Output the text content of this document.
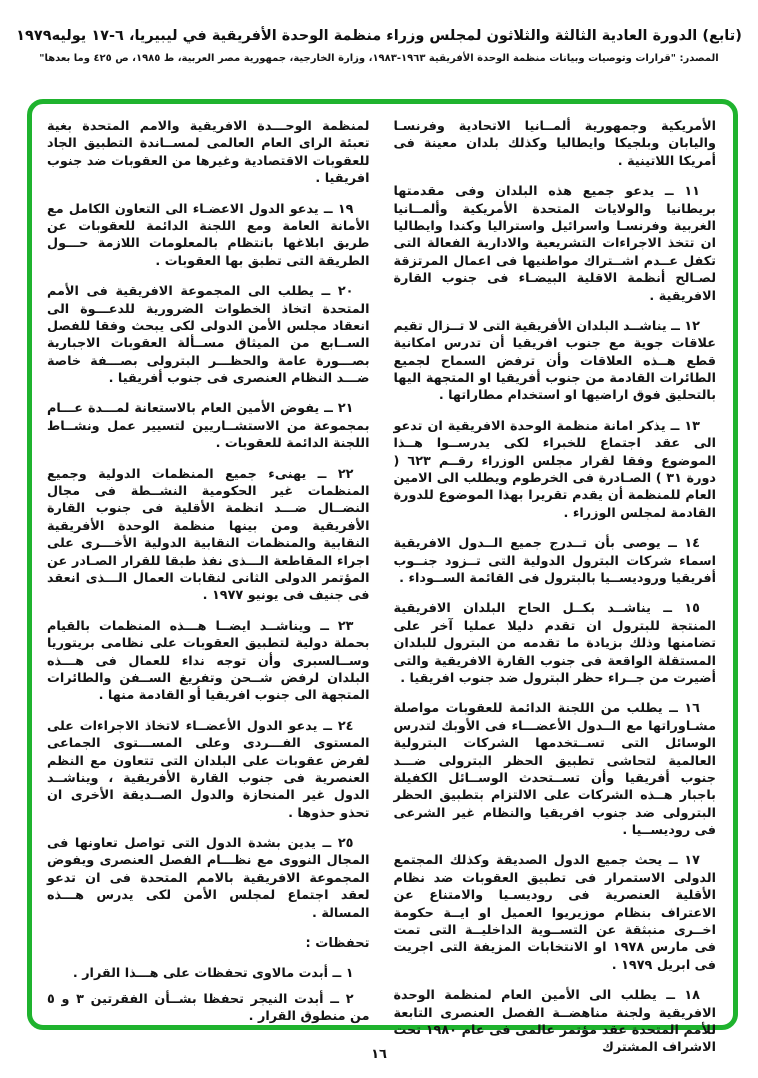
(تابع) الدورة العادية الثالثة والثلاثون لمجلس وزراء منظمة الوحدة الأفريقية في ليبيريا، ٦-١٧ يوليه١٩٧٩
المصدر: "قرارات وتوصيات وبيانات منظمة الوحدة الأفريقية ١٩٦٣-١٩٨٣، وزارة الخارجية، جمهورية مصر العربية، ط ١٩٨٥، ص ٤٢٥ وما بعدها"

الأمريكية وجمهورية ألمــانيا الاتحادية وفرنسـا واليابان وبلجيكا وايطاليا وكذلك بلدان معينة فى أمريكا اللاتينية .

١١ ــ يدعو جميع هذه البلدان وفى مقدمتها بريطانيا والولايات المتحدة الأمريكية وألمــانيا الغربية وفرنسـا واسرائيل واستراليا وكندا وايطاليا ان تتخذ الاجراءات التشريعية والادارية الفعالة التى تكفل عــدم اشــتراك مواطنيها فى اعمال المرتزقة لصـالح أنظمة الاقلية البيضـاء فى جنوب القارة الافريقية .

١٢ ــ يناشــد البلدان الأفريقية التى لا تــزال تقيم علاقات جوية مع جنوب افريقيا أن تدرس امكانية قطع هــذه العلاقات وأن ترفض السماح لجميع الطائرات القادمة من جنوب أفريقيا او المتجهة اليها بالتحليق فوق اراضيها او استخدام مطاراتها .

١٣ ــ يذكر امانة منظمة الوحدة الافريقية ان تدعو الى عقد اجتماع للخبراء لكى يدرســوا هــذا الموضوع وفقا لقرار مجلس الوزراء رقــم ٦٢٣ ( دورة ٣١ ) الصـادرة فى الخرطوم ويطلب الى الامين العام للمنظمة أن يقدم تقريرا بهذا الموضوع للدورة القادمة لمجلس الوزراء .

١٤ ــ يوصى بأن تــدرج جميع الــدول الافريقية اسماء شركات البترول الدولية التى تــزود جنــوب أفريقيا وروديســيا بالبترول فى القائمة الســوداء .

١٥ ــ يناشــد بكــل الحاح البلدان الافريقية المنتجة للبترول ان تقدم دليلا عمليا آخر على تضامنها وذلك بزيادة ما تقدمه من البترول للبلدان المستقلة الواقعة فى جنوب القارة الافريقية والتى أضيرت من جــراء حظر البترول ضد جنوب افريقيا .

١٦ ــ يطلب من اللجنة الدائمة للعقوبات مواصلة مشـاوراتها مع الــدول الأعضـــاء فى الأوبك لتدرس الوسائل التى تســتخدمها الشركات البترولية العالمية لتحاشى تطبيق الحظر البترولى ضـــد جنوب أفريقيا وأن تســتحدث الوســائل الكفيلة باجبار هــذه الشركات على الالتزام بتطبيق الحظر البترولى ضد جنوب افريقيا والنظام غير الشرعى فى روديســيا .

١٧ ــ يحث جميع الدول الصديقة وكذلك المجتمع الدولى الاستمرار فى تطبيق العقوبات ضد نظام الأقلية العنصرية فى روديسـيا والامتناع عن الاعتراف بنظام موزيريوا العميل او ايــة حكومة اخــرى منبثقة عن التســوية الداخليــة التى تمت فى مارس ١٩٧٨ او الانتخابات المزيفة التى اجريت فى ابريل ١٩٧٩ .

١٨ ــ يطلب الى الأمين العام لمنظمة الوحدة الافريقية ولجنة مناهضــة الفصل العنصرى التابعة للأمم المتحدة عقد مؤتمر عالمى فى عام ١٩٨٠ تحت الاشراف المشترك

لمنظمة الوحـــدة الافريقية والامم المتحدة بغية تعبئة الراى العام العالمى لمســاندة التطبيق الجاد للعقوبات الاقتصادية وغيرها من العقوبات ضد جنوب افريقيا .

١٩ ــ يدعو الدول الاعضـاء الى التعاون الكامل مع الأمانة العامة ومع اللجنة الدائمة للعقوبات عن طريق ابلاغها بانتظام بالمعلومات اللازمة حـــول الطريقة التى تطبق بها العقوبات .

٢٠ ــ يطلب الى المجموعة الافريقية فى الأمم المتحدة اتخاذ الخطوات الضرورية للدعـــوة الى انعقاد مجلس الأمن الدولى لكى يبحث وفقا للفصل الســابع من الميثاق مســألة العقوبات الاجبارية بصـــورة عامة والحظـــر البترولى بصـــفة خاصة ضـــد النظام العنصرى فى جنوب أفريقيا .

٢١ ــ يفوض الأمين العام بالاستعانة لمـــدة عـــام بمجموعة من الاستشــاريين لتسيير عمل ونشــاط اللجنة الدائمة للعقوبات .

٢٢ ــ يهنىء جميع المنظمات الدولية وجميع المنظمات غير الحكومية النشــطة فى مجال النضــال ضـــد انظمة الأقلية فى جنوب القارة الأفريقية ومن بينها منظمة الوحدة الأفريقية النقابية والمنظمات النقابية الدولية الأخـــرى على اجراء المقاطعة الـــذى نفذ طبقا للقرار الصـادر عن المؤتمر الدولى الثانى لنقابات العمال الـــذى انعقد فى جنيف فى يونيو ١٩٧٧ .

٢٣ ــ ويناشــد ايضــا هـــذه المنظمات بالقيام بحملة دولية لتطبيق العقوبات على نظامى بريتوريا وســالسبرى وأن توجه نداء للعمال فى هـــذه البلدان لرفض شــحن وتفريغ الســفن والطائرات المتجهة الى جنوب افريقيا أو القادمة منها .

٢٤ ــ يدعو الدول الأعضــاء لاتخاذ الاجراءات على المستوى الفـــردى وعلى المســـتوى الجماعى لفرض عقوبات على البلدان التى تتعاون مع النظم العنصرية فى جنوب القارة الأفريقية ، ويناشــد الدول غير المنحازة والدول الصــديقة الأخرى ان تحذو حذوها .

٢٥ ــ يدين بشدة الدول التى تواصل تعاونها فى المجال النووى مع نظـــام الفصل العنصرى ويفوض المجموعة الافريقية بالامم المتحدة فى ان تدعو لعقد اجتماع لمجلس الأمن لكى يدرس هـــذه المسالة .

تحفظات :

١ ــ أبدت مالاوى تحفظات على هـــذا القرار .

٢ ــ أبدت النيجر تحفظا بشــأن الفقرتين ٣ و ٥ من منطوق القرار .

١٦
